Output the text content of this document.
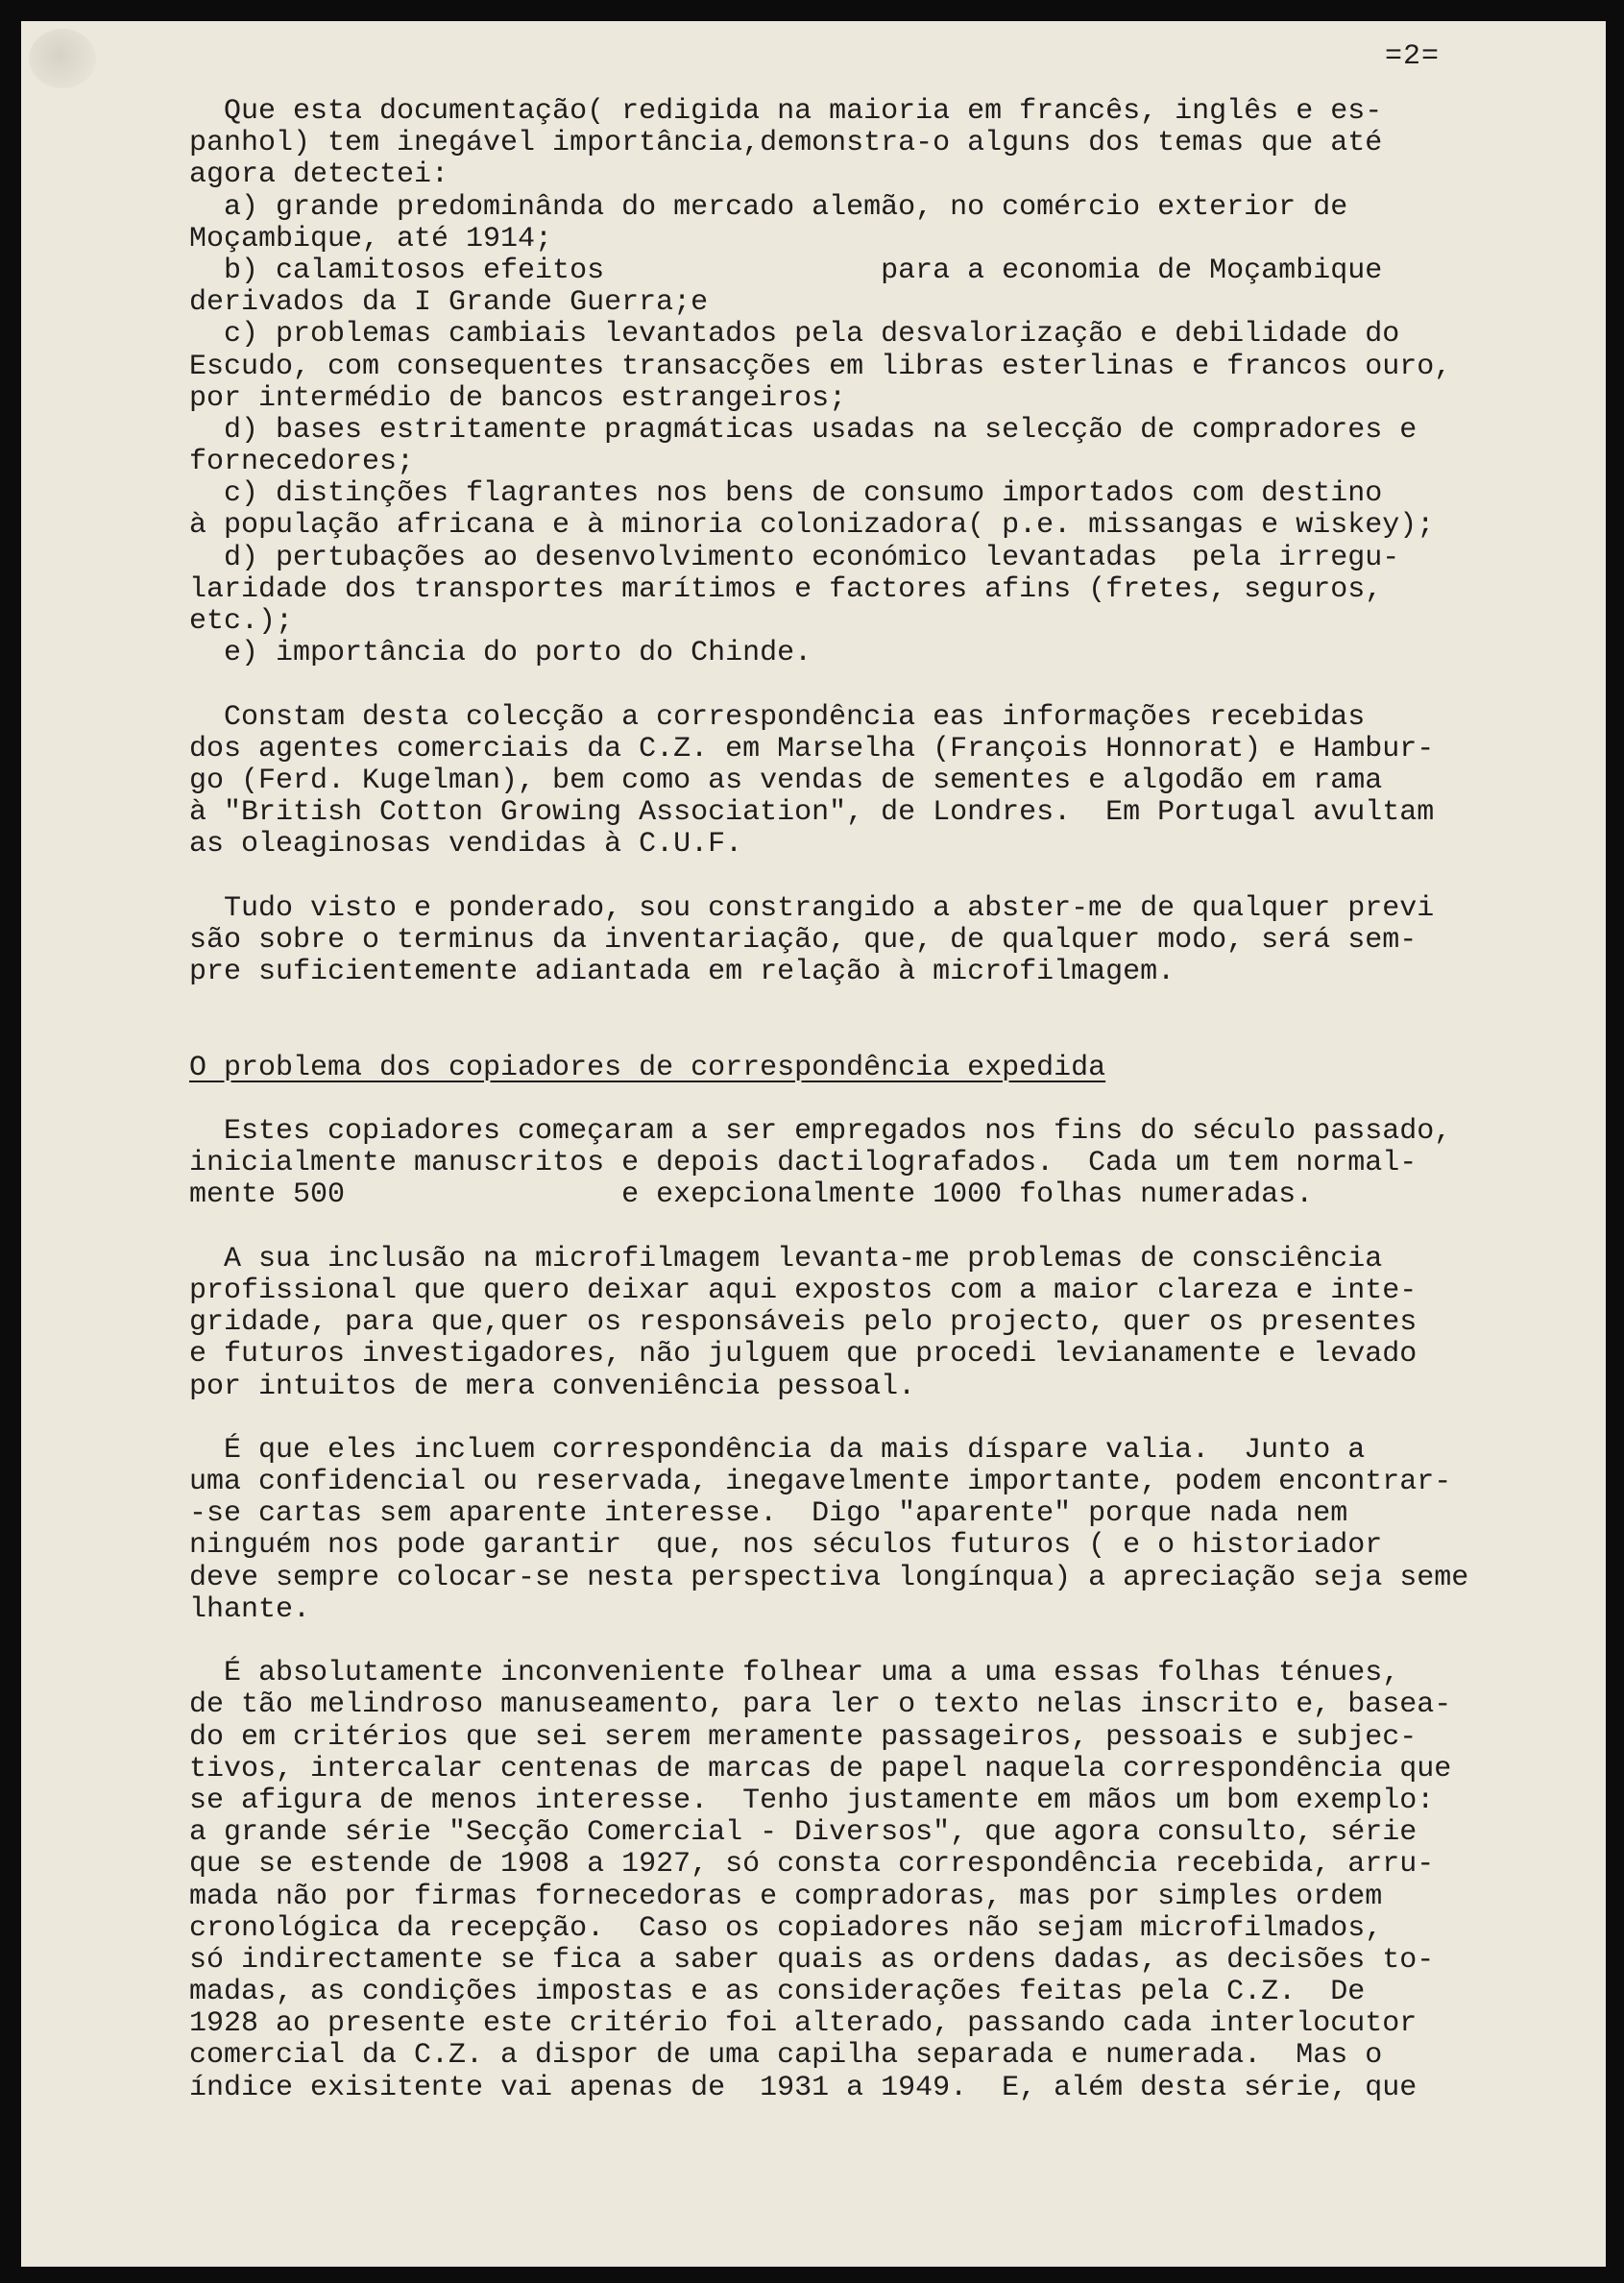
=2=
Que esta documentação( redigida na maioria em francês, inglês e es-
panhol) tem inegável importância,demonstra-o alguns dos temas que até
agora detectei:
a) grande predominânda do mercado alemão, no comércio exterior de
Moçambique, até 1914;
b) calamitosos efeitos                para a economia de Moçambique
derivados da I Grande Guerra;e
c) problemas cambiais levantados pela desvalorização e debilidade do
Escudo, com consequentes transacções em libras esterlinas e francos ouro,
por intermédio de bancos estrangeiros;
d) bases estritamente pragmáticas usadas na selecção de compradores e
fornecedores;
c) distinções flagrantes nos bens de consumo importados com destino
à população africana e à minoria colonizadora( p.e. missangas e wiskey);
d) pertubações ao desenvolvimento económico levantadas  pela irregu-
laridade dos transportes marítimos e factores afins (fretes, seguros,
etc.);
e) importância do porto do Chinde.
Constam desta colecção a correspondência eas informações recebidas
dos agentes comerciais da C.Z. em Marselha (François Honnorat) e Hambur-
go (Ferd. Kugelman), bem como as vendas de sementes e algodão em rama
à "British Cotton Growing Association", de Londres.  Em Portugal avultam
as oleaginosas vendidas à C.U.F.
Tudo visto e ponderado, sou constrangido a abster-me de qualquer previ
são sobre o terminus da inventariação, que, de qualquer modo, será sem-
pre suficientemente adiantada em relação à microfilmagem.
O problema dos copiadores de correspondência expedida
Estes copiadores começaram a ser empregados nos fins do século passado,
inicialmente manuscritos e depois dactilografados.  Cada um tem normal-
mente 500                e exepcionalmente 1000 folhas numeradas.
A sua inclusão na microfilmagem levanta-me problemas de consciência
profissional que quero deixar aqui expostos com a maior clareza e inte-
gridade, para que,quer os responsáveis pelo projecto, quer os presentes
e futuros investigadores, não julguem que procedi levianamente e levado
por intuitos de mera conveniência pessoal.
É que eles incluem correspondência da mais díspare valia.  Junto a
uma confidencial ou reservada, inegavelmente importante, podem encontrar-
-se cartas sem aparente interesse.  Digo "aparente" porque nada nem
ninguém nos pode garantir  que, nos séculos futuros ( e o historiador
deve sempre colocar-se nesta perspectiva longínqua) a apreciação seja seme
lhante.
É absolutamente inconveniente folhear uma a uma essas folhas ténues,
de tão melindroso manuseamento, para ler o texto nelas inscrito e, basea-
do em critérios que sei serem meramente passageiros, pessoais e subjec-
tivos, intercalar centenas de marcas de papel naquela correspondência que
se afigura de menos interesse.  Tenho justamente em mãos um bom exemplo:
a grande série "Secção Comercial - Diversos", que agora consulto, série
que se estende de 1908 a 1927, só consta correspondência recebida, arru-
mada não por firmas fornecedoras e compradoras, mas por simples ordem
cronológica da recepção.  Caso os copiadores não sejam microfilmados,
só indirectamente se fica a saber quais as ordens dadas, as decisões to-
madas, as condições impostas e as considerações feitas pela C.Z.  De
1928 ao presente este critério foi alterado, passando cada interlocutor
comercial da C.Z. a dispor de uma capilha separada e numerada.  Mas o
índice exisitente vai apenas de  1931 a 1949.  E, além desta série, que
